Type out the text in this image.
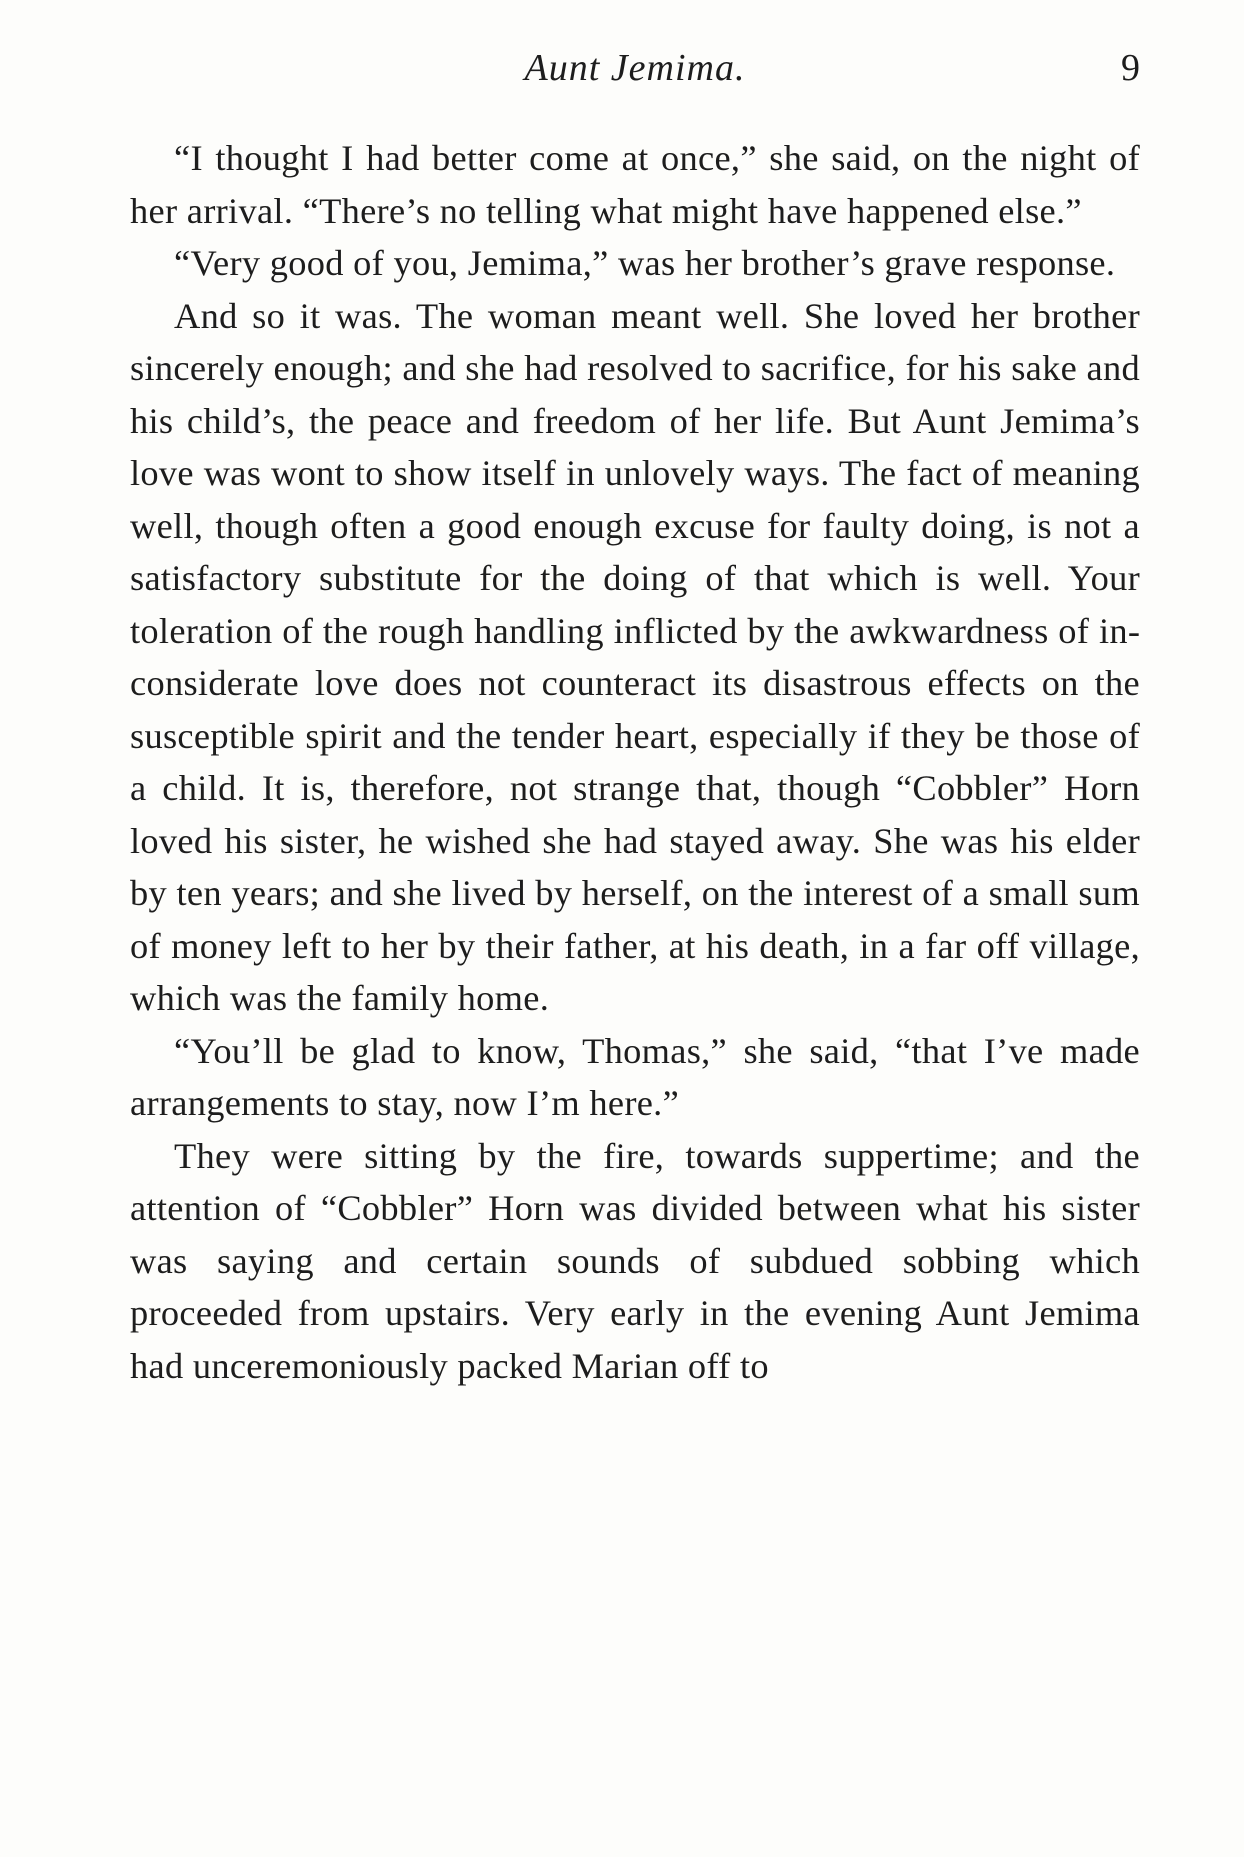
Aunt Jemima.	9

“I thought I had better come at once,” she said, on the night of her arrival. “There’s no telling what might have happened else.”

“Very good of you, Jemima,” was her brother’s grave response.

And so it was. The woman meant well. She loved her brother sincerely enough; and she had resolved to sacrifice, for his sake and his child’s, the peace and freedom of her life. But Aunt Jemima’s love was wont to show itself in unlovely ways. The fact of meaning well, though often a good enough excuse for faulty doing, is not a satisfactory substitute for the doing of that which is well. Your toleration of the rough handling inflicted by the awkwardness of inconsiderate love does not counteract its disastrous effects on the susceptible spirit and the tender heart, especially if they be those of a child. It is, therefore, not strange that, though “Cobbler” Horn loved his sister, he wished she had stayed away. She was his elder by ten years; and she lived by herself, on the interest of a small sum of money left to her by their father, at his death, in a far off village, which was the family home.

“You’ll be glad to know, Thomas,” she said, “that I’ve made arrangements to stay, now I’m here.”

They were sitting by the fire, towards suppertime; and the attention of “Cobbler” Horn was divided between what his sister was saying and certain sounds of subdued sobbing which proceeded from upstairs. Very early in the evening Aunt Jemima had unceremoniously packed Marian off to
